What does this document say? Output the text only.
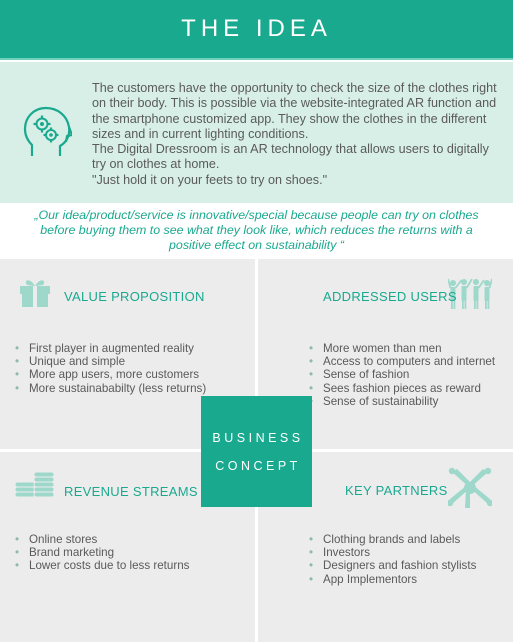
THE IDEA

The customers have the opportunity to check the size of the clothes right on their body. This is possible via the website-integrated AR function and the smartphone customized app. They show the clothes in the different sizes and in current lighting conditions.

The Digital Dressroom is an AR technology that allows users to digitally try on clothes at home.

"Just hold it on your feets to try on shoes."

„Our idea/product/service is innovative/special because people can try on clothes before buying them to see what they look like, which reduces the returns with a positive effect on sustainability “

VALUE PROPOSITION
• First player in augmented reality
• Unique and simple
• More app users, more customers
• More sustainababilty (less returns)
ADDRESSED USERS
• More women than men
• Access to computers and internet
• Sense of fashion
• Sees fashion pieces as reward
• Sense of sustainability
REVENUE STREAMS
• Online stores
• Brand marketing
• Lower costs due to less returns
KEY PARTNERS
• Clothing brands and labels
• Investors
• Designers and fashion stylists
• App Implementors
BUSINESS
CONCEPT
